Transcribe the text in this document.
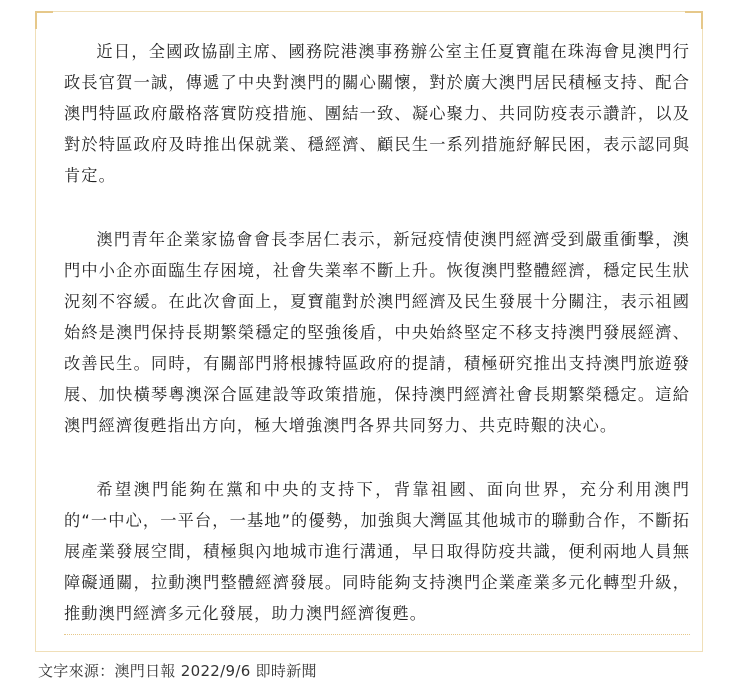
近日，全國政協副主席、國務院港澳事務辦公室主任夏寶龍在珠海會見澳門行政長官賀一誠，傳遞了中央對澳門的關心關懷，對於廣大澳門居民積極支持、配合澳門特區政府嚴格落實防疫措施、團結一致、凝心聚力、共同防疫表示讚許，以及對於特區政府及時推出保就業、穩經濟、顧民生一系列措施紓解民困，表示認同與肯定。

澳門青年企業家協會會長李居仁表示，新冠疫情使澳門經濟受到嚴重衝擊，澳門中小企亦面臨生存困境，社會失業率不斷上升。恢復澳門整體經濟，穩定民生狀況刻不容緩。在此次會面上，夏寶龍對於澳門經濟及民生發展十分關注，表示祖國始終是澳門保持長期繁榮穩定的堅強後盾，中央始終堅定不移支持澳門發展經濟、改善民生。同時，有關部門將根據特區政府的提請，積極研究推出支持澳門旅遊發展、加快橫琴粵澳深合區建設等政策措施，保持澳門經濟社會長期繁榮穩定。這給澳門經濟復甦指出方向，極大增強澳門各界共同努力、共克時艱的決心。

希望澳門能夠在黨和中央的支持下，背靠祖國、面向世界，充分利用澳門的“一中心，一平台，一基地”的優勢，加強與大灣區其他城市的聯動合作，不斷拓展產業發展空間，積極與內地城市進行溝通，早日取得防疫共識，便利兩地人員無障礙通關，拉動澳門整體經濟發展。同時能夠支持澳門企業產業多元化轉型升級，推動澳門經濟多元化發展，助力澳門經濟復甦。

文字來源：澳門日報 2022/9/6 即時新聞
